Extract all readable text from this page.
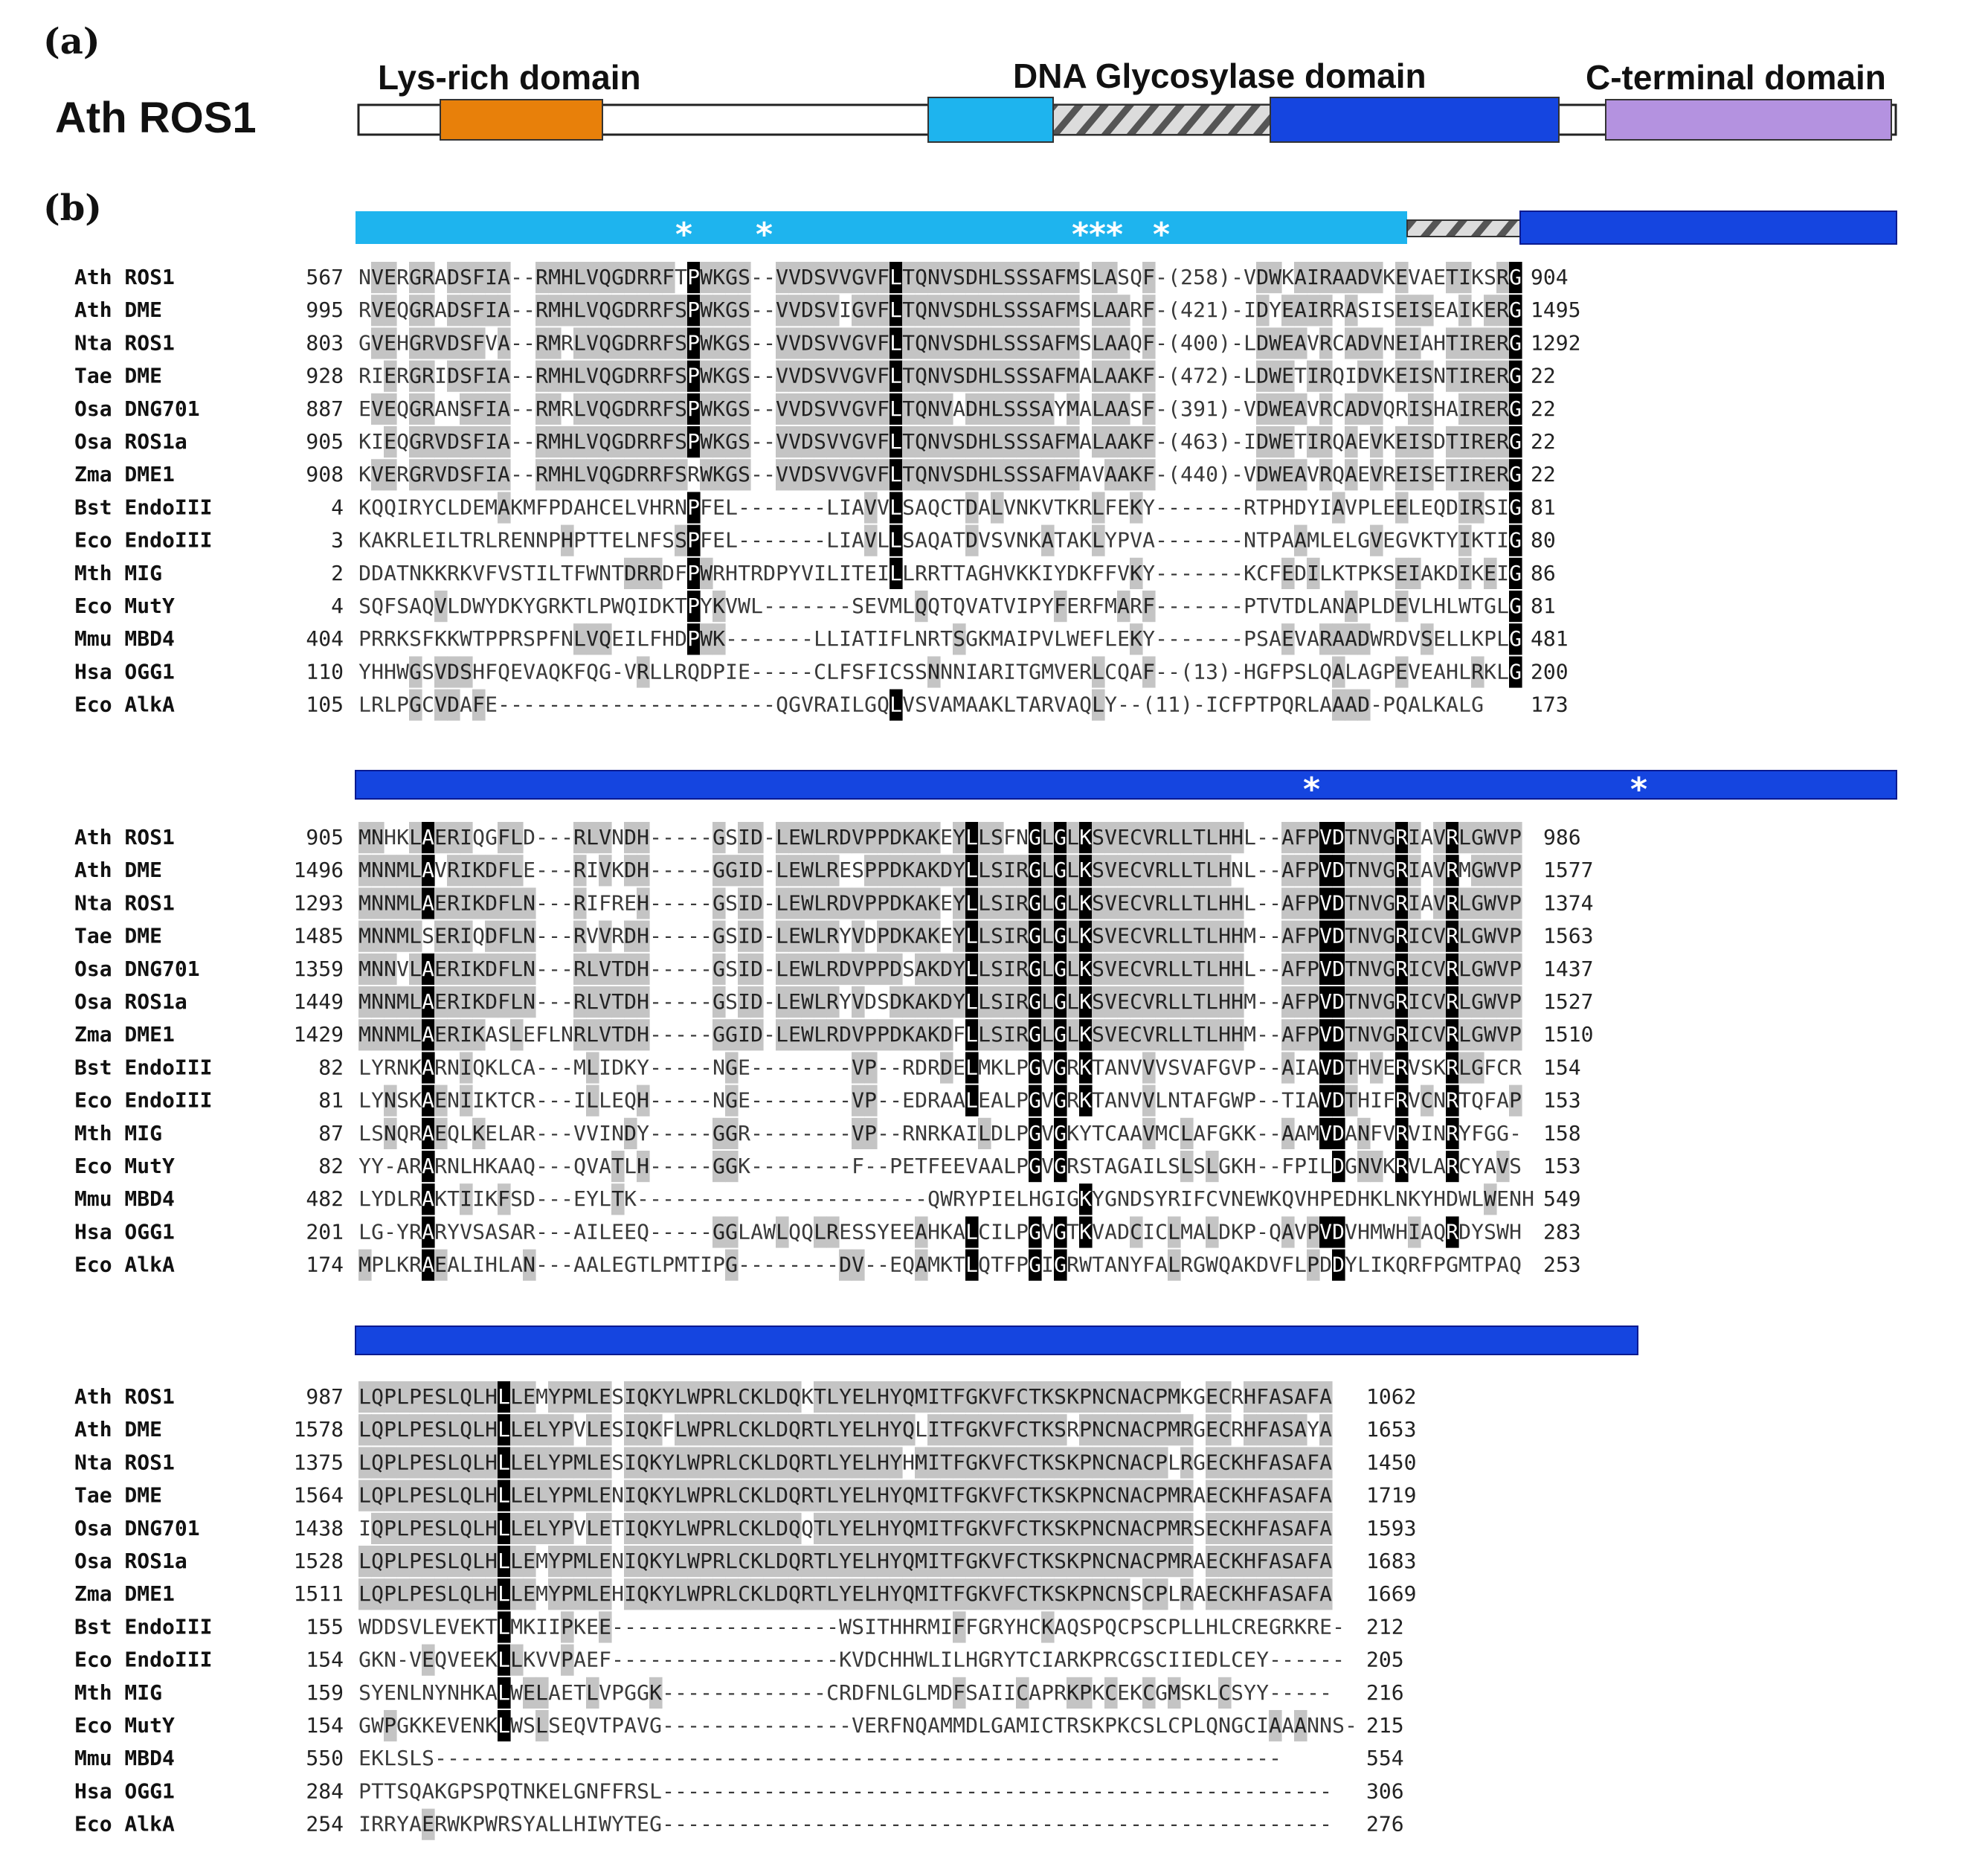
(a)
Ath ROS1
Lys-rich domain	DNA Glycosylase domain	C-terminal domain
(b)
* *	*** *
*	*
Ath ROS1	567 N V E R G R A D S F I A - - R M H L V Q G D R R F T P W K G S - - V V D S V V G V F L T Q N V S D H L S S S A F M S L A S Q F - ( 2 5 8 ) - V D W K A I R A A D V K E V A E T I K S R G 904
Ath DME	995 R V E Q G R A D S F I A - - R M H L V Q G D R R F S P W K G S - - V V D S V I G V F L T Q N V S D H L S S S A F M S L A A R F - ( 4 2 1 ) - I D Y E A I R R A S I S E I S E A I K E R G 1495
Nta ROS1	803 G V E H G R V D S F V A - - R M R L V Q G D R R F S P W K G S - - V V D S V V G V F L T Q N V S D H L S S S A F M S L A A Q F - ( 4 0 0 ) - L D W E A V R C A D V N E I A H T I R E R G 1292
Tae DME	928 R I E R G R I D S F I A - - R M H L V Q G D R R F S P W K G S - - V V D S V V G V F L T Q N V S D H L S S S A F M A L A A K F - ( 4 7 2 ) - L D W E T I R Q I D V K E I S N T I R E R G 22
Osa DNG701	887 E V E Q G R A N S F I A - - R M R L V Q G D R R F S P W K G S - - V V D S V V G V F L T Q N V A D H L S S S A Y M A L A A S F - ( 3 9 1 ) - V D W E A V R C A D V Q R I S H A I R E R G 22
Osa ROS1a	905 K I E Q G R V D S F I A - - R M H L V Q G D R R F S P W K G S - - V V D S V V G V F L T Q N V S D H L S S S A F M A L A A K F - ( 4 6 3 ) - I D W E T I R Q A E V K E I S D T I R E R G 22
Zma DME1	908 K V E R G R V D S F I A - - R M H L V Q G D R R F S R W K G S - - V V D S V V G V F L T Q N V S D H L S S S A F M A V A A K F - ( 4 4 0 ) - V D W E A V R Q A E V R E I S E T I R E R G 22
Bst EndoIII	4 K Q Q I R Y C L D E M A K M F P D A H C E L V H R N P F E L - - - - - - - L I A V V L S A Q C T D A L V N K V T K R L F E K Y - - - - - - - R T P H D Y I A V P L E E L E Q D I R S I G 81
Eco EndoIII	3 K A K R L E I L T R L R E N N P H P T T E L N F S S P F E L - - - - - - - L I A V L L S A Q A T D V S V N K A T A K L Y P V A - - - - - - - N T P A A M L E L G V E G V K T Y I K T I G 80
Mth MIG	2 D D A T N K K R K V F V S T I L T F W N T D R R D F P W R H T R D P Y V I L I T E I L L R R T T A G H V K K I Y D K F F V K Y - - - - - - - K C F E D I L K T P K S E I A K D I K E I G 86
Eco MutY	4 S Q F S A Q V L D W Y D K Y G R K T L P W Q I D K T P Y K V W L - - - - - - - S E V M L Q Q T Q V A T V I P Y F E R F M A R F - - - - - - - P T V T D L A N A P L D E V L H L W T G L G 81
Mmu MBD4	404 P R R K S F K K W T P P R S P F N L V Q E I L F H D P W K - - - - - - - L L I A T I F L N R T S G K M A I P V L W E F L E K Y - - - - - - - P S A E V A R A A D W R D V S E L L K P L G 481
Hsa OGG1	110 Y H H W G S V D S H F Q E V A Q K F Q G - V R L L R Q D P I E - - - - - C L F S F I C S S N N N I A R I T G M V E R L C Q A F - - ( 1 3 ) - H G F P S L Q A L A G P E V E A H L R K L G 200
Eco AlkA	105 L R L P G C V D A F E - - - - - - - - - - - - - - - - - - - - - - Q G V R A I L G Q L V S V A M A A K L T A R V A Q L Y - - ( 1 1 ) - I C F P T P Q R L A A A D - P Q A L K A L G 173
Ath ROS1	905 M N H K L A E R I Q G F L D - - - R L V N D H - - - - - G S I D - L E W L R D V P P D K A K E Y L L S F N G L G L K S V E C V R L L T L H H L - - A F P V D T N V G R I A V R L G W V P 986
Ath DME	1496 M N N M L A V R I K D F L E - - - R I V K D H - - - - - G G I D - L E W L R E S P P D K A K D Y L L S I R G L G L K S V E C V R L L T L H N L - - A F P V D T N V G R I A V R M G W V P 1577
Nta ROS1	1293 M N N M L A E R I K D F L N - - - R I F R E H - - - - - G S I D - L E W L R D V P P D K A K E Y L L S I R G L G L K S V E C V R L L T L H H L - - A F P V D T N V G R I A V R L G W V P 1374
Tae DME	1485 M N N M L S E R I Q D F L N - - - R V V R D H - - - - - G S I D - L E W L R Y V D P D K A K E Y L L S I R G L G L K S V E C V R L L T L H H M - - A F P V D T N V G R I C V R L G W V P 1563
Osa DNG701	1359 M N N V L A E R I K D F L N - - - R L V T D H - - - - - G S I D - L E W L R D V P P D S A K D Y L L S I R G L G L K S V E C V R L L T L H H L - - A F P V D T N V G R I C V R L G W V P 1437
Osa ROS1a	1449 M N N M L A E R I K D F L N - - - R L V T D H - - - - - G S I D - L E W L R Y V D S D K A K D Y L L S I R G L G L K S V E C V R L L T L H H M - - A F P V D T N V G R I C V R L G W V P 1527
Zma DME1	1429 M N N M L A E R I K A S L E F L N R L V T D H - - - - - G G I D - L E W L R D V P P D K A K D F L L S I R G L G L K S V E C V R L L T L H H M - - A F P V D T N V G R I C V R L G W V P 1510
Bst EndoIII	82 L Y R N K A R N I Q K L C A - - - M L I D K Y - - - - - N G E - - - - - - - - V P - - R D R D E L M K L P G V G R K T A N V V V S V A F G V P - - A I A V D T H V E R V S K R L G F C R 154
Eco EndoIII	81 L Y N S K A E N I I K T C R - - - I L L E Q H - - - - - N G E - - - - - - - - V P - - E D R A A L E A L P G V G R K T A N V V L N T A F G W P - - T I A V D T H I F R V C N R T Q F A P 153
Mth MIG	87 L S N Q R A E Q L K E L A R - - - V V I N D Y - - - - - G G R - - - - - - - - V P - - R N R K A I L D L P G V G K Y T C A A V M C L A F G K K - - A A M V D A N F V R V I N R Y F G G - 158
Eco MutY	82 Y Y - A R A R N L H K A A Q - - - Q V A T L H - - - - - G G K - - - - - - - - F - - P E T F E E V A A L P G V G R S T A G A I L S L S L G K H - - F P I L D G N V K R V L A R C Y A V S 153
Mmu MBD4	482 L Y D L R A K T I I K F S D - - - E Y L T K - - - - - - - - - - - - - - - - - - - - - - - Q W R Y P I E L H G I G K Y G N D S Y R I F C V N E W K Q V H P E D H K L N K Y H D W L W E N H 549
Hsa OGG1	201 L G - Y R A R Y V S A S A R - - - A I L E E Q - - - - - G G L A W L Q Q L R E S S Y E E A H K A L C I L P G V G T K V A D C I C L M A L D K P - Q A V P V D V H M W H I A Q R D Y S W H 283
Eco AlkA	174 M P L K R A E A L I H L A N - - - A A L E G T L P M T I P G - - - - - - - - D V - - E Q A M K T L Q T F P G I G R W T A N Y F A L R G W Q A K D V F L P D D Y L I K Q R F P G M T P A Q 253
Ath ROS1	987 L Q P L P E S L Q L H L L E M Y P M L E S I Q K Y L W P R L C K L D Q K T L Y E L H Y Q M I T F G K V F C T K S K P N C N A C P M K G E C R H F A S A F A 1062
Ath DME	1578 L Q P L P E S L Q L H L L E L Y P V L E S I Q K F L W P R L C K L D Q R T L Y E L H Y Q L I T F G K V F C T K S R P N C N A C P M R G E C R H F A S A Y A 1653
Nta ROS1	1375 L Q P L P E S L Q L H L L E L Y P M L E S I Q K Y L W P R L C K L D Q R T L Y E L H Y H M I T F G K V F C T K S K P N C N A C P L R G E C K H F A S A F A 1450
Tae DME	1564 L Q P L P E S L Q L H L L E L Y P M L E N I Q K Y L W P R L C K L D Q R T L Y E L H Y Q M I T F G K V F C T K S K P N C N A C P M R A E C K H F A S A F A 1719
Osa DNG701	1438 I Q P L P E S L Q L H L L E L Y P V L E T I Q K Y L W P R L C K L D Q Q T L Y E L H Y Q M I T F G K V F C T K S K P N C N A C P M R S E C K H F A S A F A 1593
Osa ROS1a	1528 L Q P L P E S L Q L H L L E M Y P M L E N I Q K Y L W P R L C K L D Q R T L Y E L H Y Q M I T F G K V F C T K S K P N C N A C P M R A E C K H F A S A F A 1683
Zma DME1	1511 L Q P L P E S L Q L H L L E M Y P M L E H I Q K Y L W P R L C K L D Q R T L Y E L H Y Q M I T F G K V F C T K S K P N C N S C P L R A E C K H F A S A F A 1669
Bst EndoIII	155 W D D S V L E V E K T L M K I I P K E E - - - - - - - - - - - - - - - - - - W S I T H H R M I F F G R Y H C K A Q S P Q C P S C P L L H L C R E G R K R E - 212
Eco EndoIII	154 G K N - V E Q V E E K L L K V V P A E F - - - - - - - - - - - - - - - - - - K V D C H H W L I L H G R Y T C I A R K P R C G S C I I E D L C E Y - - - - - - 205
Mth MIG	159 S Y E N L N Y N H K A L W E L A E T L V P G G K - - - - - - - - - - - - - C R D F N L G L M D F S A I I C A P R K P K C E K C G M S K L C S Y Y - - - - - 216
Eco MutY	154 G W P G K K E V E N K L W S L S E Q V T P A V G - - - - - - - - - - - - - - - V E R F N Q A M M D L G A M I C T R S K P K C S L C P L Q N G C I A A A N N S - 215
Mmu MBD4	550 E K L S L S - - - - - - - - - - - - - - - - - - - - - - - - - - - - - - - - - - - - - - - - - - - - - - - - - - - - - - - - - - - - - - - - - - -	554
Hsa OGG1	284 P T T S Q A K G P S P Q T N K E L G N F F R S L - - - - - - - - - - - - - - - - - - - - - - - - - - - - - - - - - - - - - - - - - - - - - - - - - - - - - 306
Eco AlkA	254 I R R Y A E R W K P W R S Y A L L H I W Y T E G - - - - - - - - - - - - - - - - - - - - - - - - - - - - - - - - - - - - - - - - - - - - - - - - - - - - - 276
